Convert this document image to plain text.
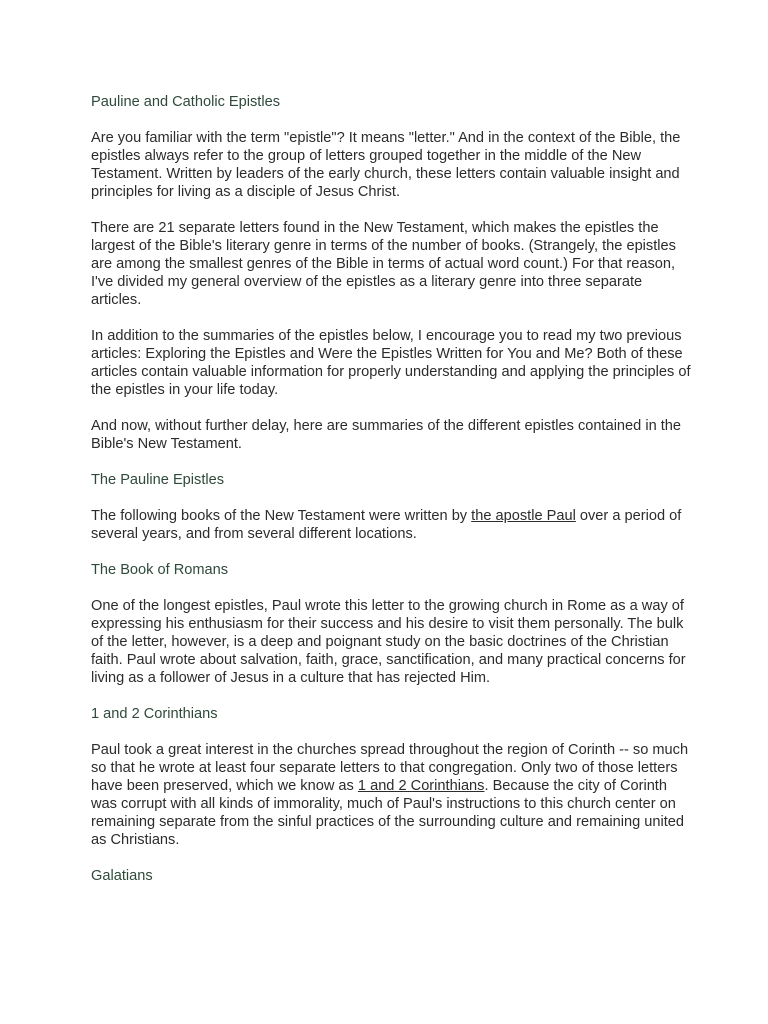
Pauline and Catholic Epistles

Are you familiar with the term "epistle"? It means "letter." And in the context of the Bible, the epistles always refer to the group of letters grouped together in the middle of the New Testament. Written by leaders of the early church, these letters contain valuable insight and principles for living as a disciple of Jesus Christ.

There are 21 separate letters found in the New Testament, which makes the epistles the largest of the Bible's literary genre in terms of the number of books. (Strangely, the epistles are among the smallest genres of the Bible in terms of actual word count.) For that reason, I've divided my general overview of the epistles as a literary genre into three separate articles.

In addition to the summaries of the epistles below, I encourage you to read my two previous articles: Exploring the Epistles and Were the Epistles Written for You and Me? Both of these articles contain valuable information for properly understanding and applying the principles of the epistles in your life today.

And now, without further delay, here are summaries of the different epistles contained in the Bible's New Testament.

The Pauline Epistles

The following books of the New Testament were written by the apostle Paul over a period of several years, and from several different locations.

The Book of Romans

One of the longest epistles, Paul wrote this letter to the growing church in Rome as a way of expressing his enthusiasm for their success and his desire to visit them personally. The bulk of the letter, however, is a deep and poignant study on the basic doctrines of the Christian faith. Paul wrote about salvation, faith, grace, sanctification, and many practical concerns for living as a follower of Jesus in a culture that has rejected Him.

1 and 2 Corinthians

Paul took a great interest in the churches spread throughout the region of Corinth -- so much so that he wrote at least four separate letters to that congregation. Only two of those letters have been preserved, which we know as 1 and 2 Corinthians. Because the city of Corinth was corrupt with all kinds of immorality, much of Paul's instructions to this church center on remaining separate from the sinful practices of the surrounding culture and remaining united as Christians.

Galatians
